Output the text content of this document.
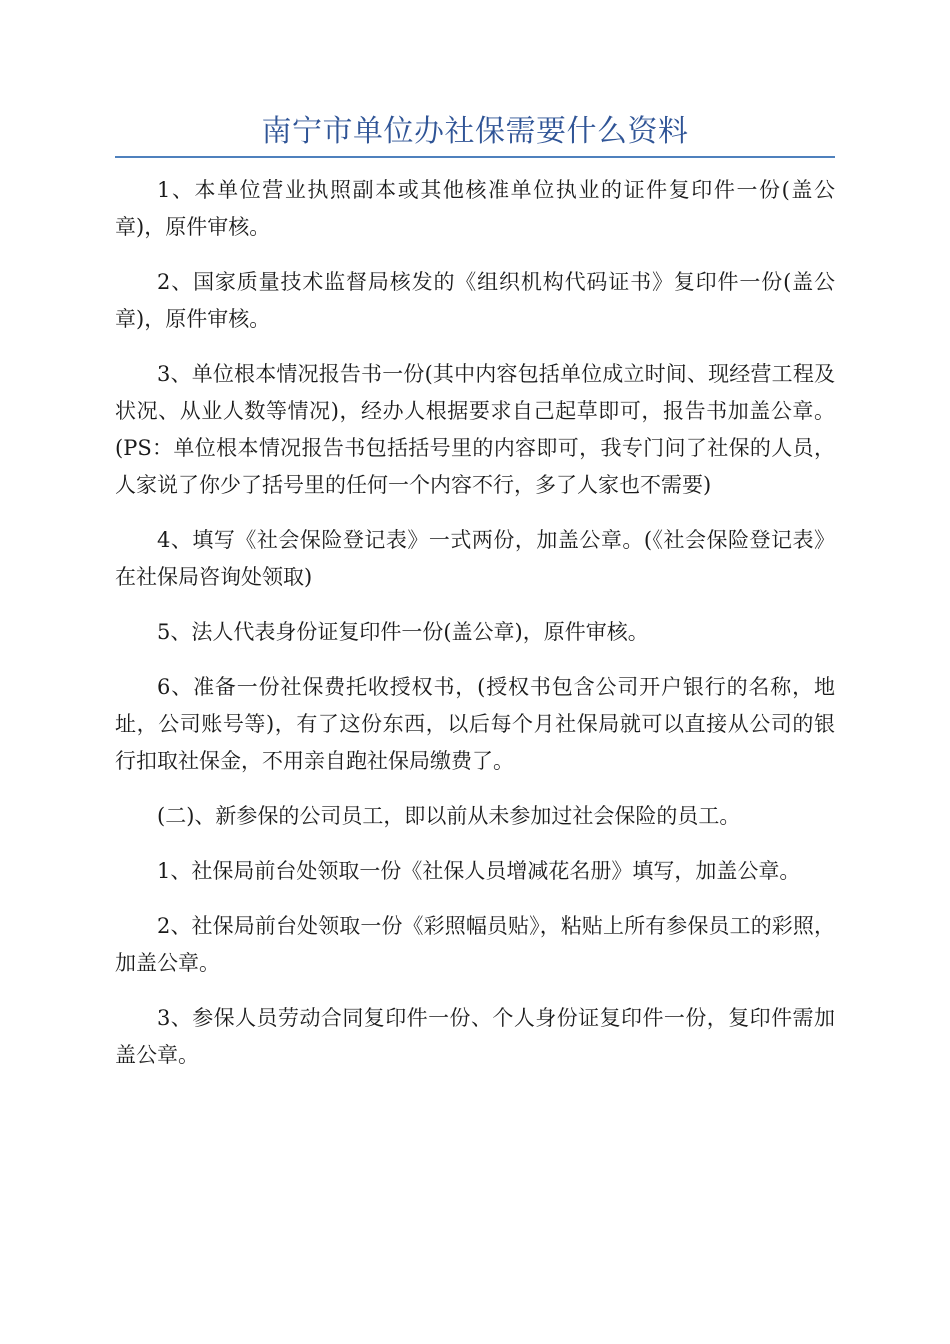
南宁市单位办社保需要什么资料

1、本单位营业执照副本或其他核准单位执业的证件复印件一份(盖公章)，原件审核。

2、国家质量技术监督局核发的《组织机构代码证书》复印件一份(盖公章)，原件审核。

3、单位根本情况报告书一份(其中内容包括单位成立时间、现经营工程及状况、从业人数等情况)，经办人根据要求自己起草即可，报告书加盖公章。(PS：单位根本情况报告书包括括号里的内容即可，我专门问了社保的人员，人家说了你少了括号里的任何一个内容不行，多了人家也不需要)

4、填写《社会保险登记表》一式两份，加盖公章。(《社会保险登记表》在社保局咨询处领取)

5、法人代表身份证复印件一份(盖公章)，原件审核。

6、准备一份社保费托收授权书，(授权书包含公司开户银行的名称，地址，公司账号等)，有了这份东西，以后每个月社保局就可以直接从公司的银行扣取社保金，不用亲自跑社保局缴费了。

(二)、新参保的公司员工，即以前从未参加过社会保险的员工。

1、社保局前台处领取一份《社保人员增减花名册》填写，加盖公章。

2、社保局前台处领取一份《彩照幅员贴》，粘贴上所有参保员工的彩照，加盖公章。

3、参保人员劳动合同复印件一份、个人身份证复印件一份，复印件需加盖公章。
